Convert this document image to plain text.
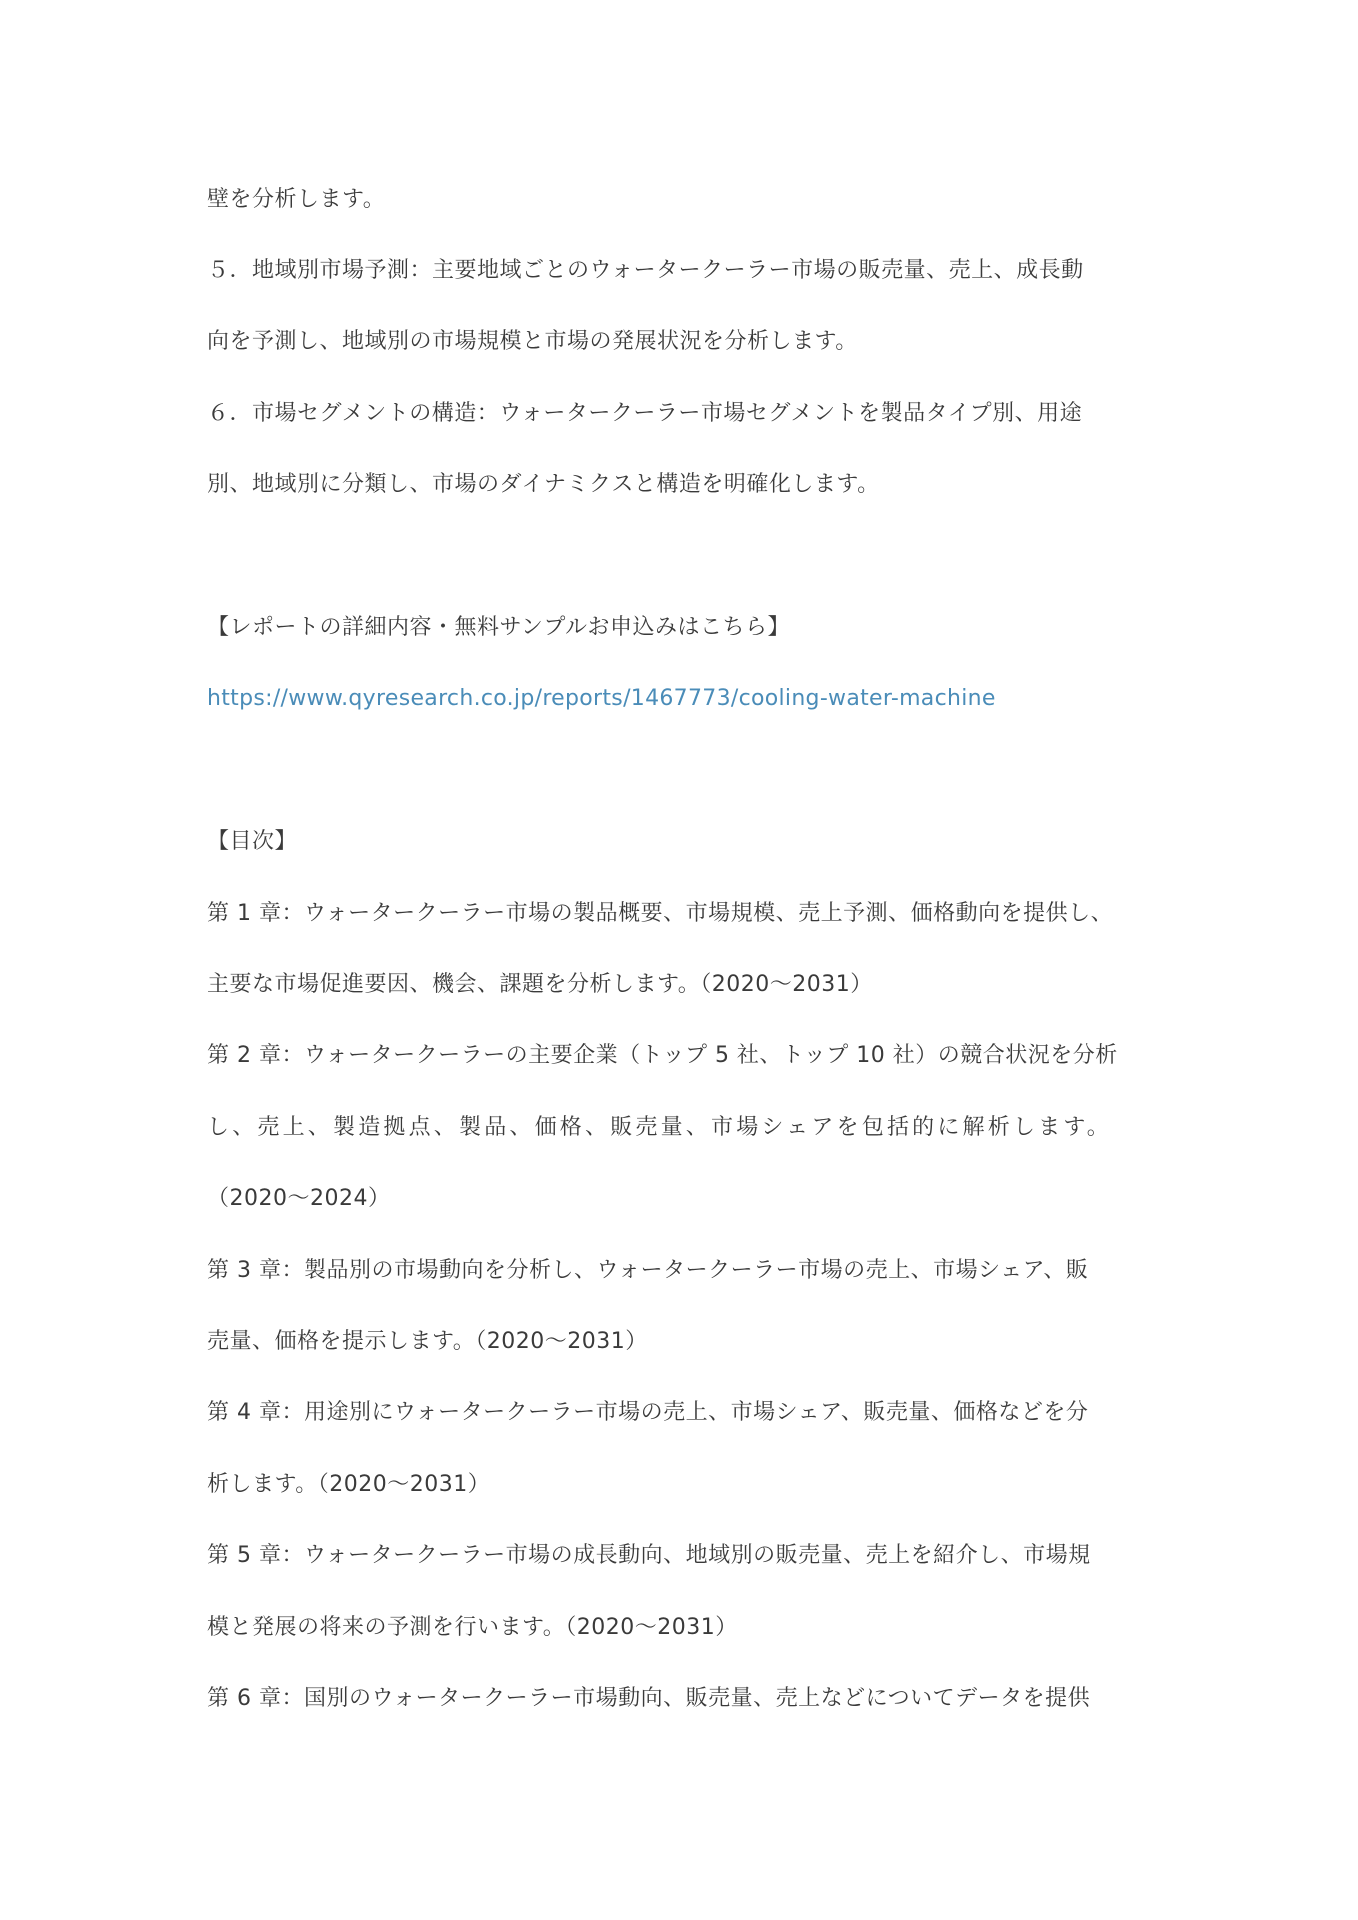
壁を分析します。
５．地域別市場予測：主要地域ごとのウォータークーラー市場の販売量、売上、成長動
向を予測し、地域別の市場規模と市場の発展状況を分析します。
６．市場セグメントの構造：ウォータークーラー市場セグメントを製品タイプ別、用途
別、地域別に分類し、市場のダイナミクスと構造を明確化します。
【レポートの詳細内容・無料サンプルお申込みはこちら】
https://www.qyresearch.co.jp/reports/1467773/cooling-water-machine
【目次】
第 1 章：ウォータークーラー市場の製品概要、市場規模、売上予測、価格動向を提供し、
主要な市場促進要因、機会、課題を分析します。（2020～2031）
第 2 章：ウォータークーラーの主要企業（トップ 5 社、トップ 10 社）の競合状況を分析
し、売上、製造拠点、製品、価格、販売量、市場シェアを包括的に解析します。
（2020～2024）
第 3 章：製品別の市場動向を分析し、ウォータークーラー市場の売上、市場シェア、販
売量、価格を提示します。（2020～2031）
第 4 章：用途別にウォータークーラー市場の売上、市場シェア、販売量、価格などを分
析します。（2020～2031）
第 5 章：ウォータークーラー市場の成長動向、地域別の販売量、売上を紹介し、市場規
模と発展の将来の予測を行います。（2020～2031）
第 6 章：国別のウォータークーラー市場動向、販売量、売上などについてデータを提供
